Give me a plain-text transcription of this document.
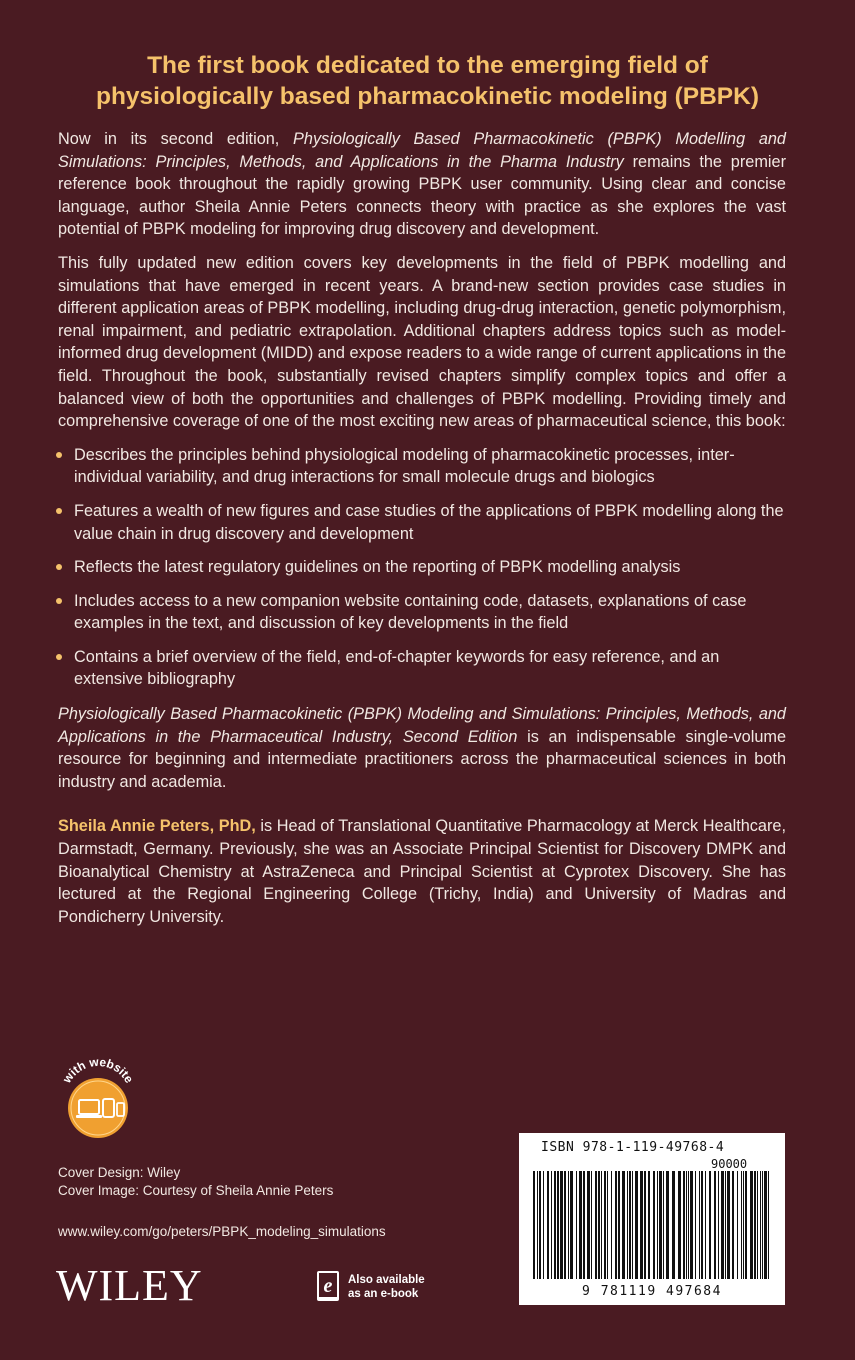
The first book dedicated to the emerging field of
physiologically based pharmacokinetic modeling (PBPK)

Now in its second edition, Physiologically Based Pharmacokinetic (PBPK) Modelling and Simulations: Principles, Methods, and Applications in the Pharma Industry remains the premier reference book throughout the rapidly growing PBPK user community. Using clear and concise language, author Sheila Annie Peters connects theory with practice as she explores the vast potential of PBPK modeling for improving drug discovery and development.

This fully updated new edition covers key developments in the field of PBPK modelling and simulations that have emerged in recent years. A brand-new section provides case studies in different application areas of PBPK modelling, including drug-drug interaction, genetic polymorphism, renal impairment, and pediatric extrapolation. Additional chapters address topics such as model-informed drug development (MIDD) and expose readers to a wide range of current applications in the field. Throughout the book, substantially revised chapters simplify complex topics and offer a balanced view of both the opportunities and challenges of PBPK modelling. Providing timely and comprehensive coverage of one of the most exciting new areas of pharmaceutical science, this book:

Describes the principles behind physiological modeling of pharmacokinetic processes, inter-individual variability, and drug interactions for small molecule drugs and biologics
Features a wealth of new figures and case studies of the applications of PBPK modelling along the value chain in drug discovery and development
Reflects the latest regulatory guidelines on the reporting of PBPK modelling analysis
Includes access to a new companion website containing code, datasets, explanations of case examples in the text, and discussion of key developments in the field
Contains a brief overview of the field, end-of-chapter keywords for easy reference, and an extensive bibliography

Physiologically Based Pharmacokinetic (PBPK) Modeling and Simulations: Principles, Methods, and Applications in the Pharmaceutical Industry, Second Edition is an indispensable single-volume resource for beginning and intermediate practitioners across the pharmaceutical sciences in both industry and academia.

Sheila Annie Peters, PhD, is Head of Translational Quantitative Pharmacology at Merck Healthcare, Darmstadt, Germany. Previously, she was an Associate Principal Scientist for Discovery DMPK and Bioanalytical Chemistry at AstraZeneca and Principal Scientist at Cyprotex Discovery. She has lectured at the Regional Engineering College (Trichy, India) and University of Madras and Pondicherry University.

with website
Cover Design: Wiley
Cover Image: Courtesy of Sheila Annie Peters
www.wiley.com/go/peters/PBPK_modeling_simulations
WILEY	e Also available
as an e-book
ISBN 978-1-119-49768-4
90000
9 781119 497684
